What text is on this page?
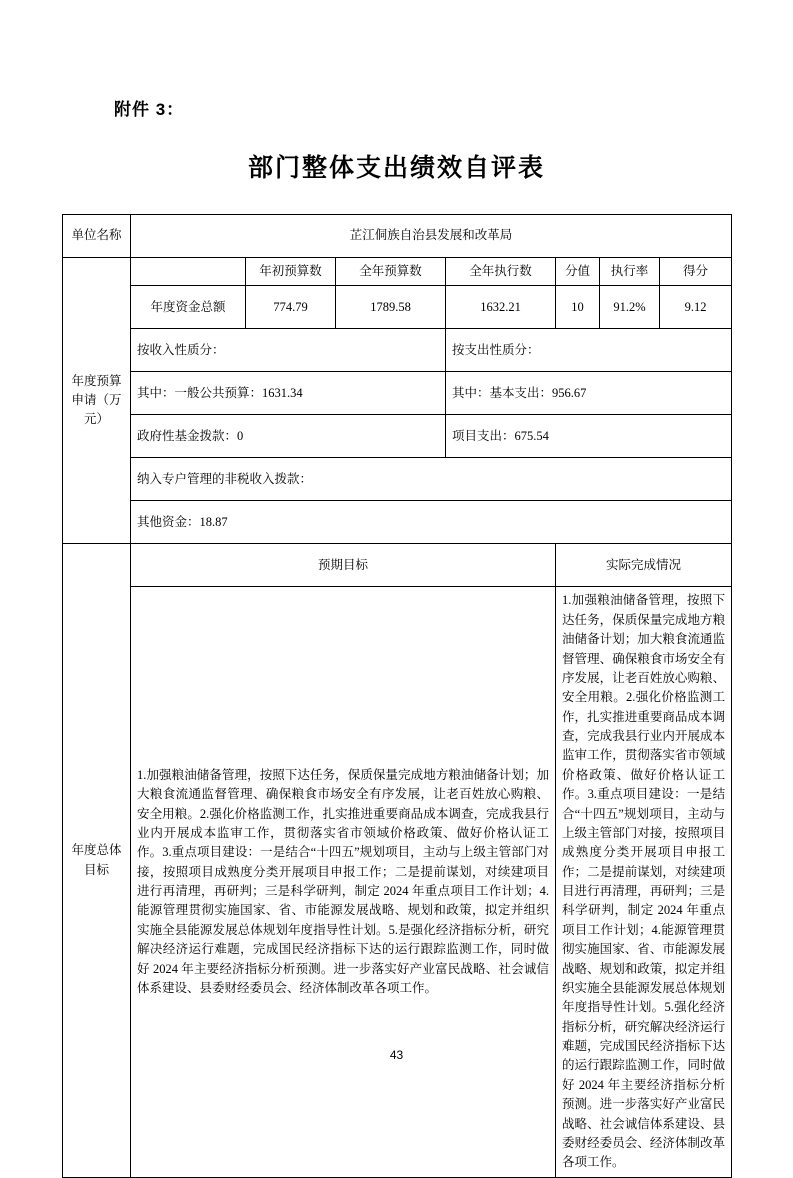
附件 3：
部门整体支出绩效自评表
单位名称	芷江侗族自治县发展和改革局						
年度预算申请（万元）		年初预算数	全年预算数	全年执行数	分值	执行率	得分
	年度资金总额	774.79	1789.58	1632.21	10	91.2%	9.12
	按收入性质分：			按支出性质分：			
	其中：一般公共预算：1631.34			其中：基本支出：956.67			
	政府性基金拨款：0			项目支出：675.54			
	纳入专户管理的非税收入拨款：						
	其他资金：18.87						
年度总体目标	预期目标				实际完成情况		
1.加强粮油储备管理，按照下达任务，保质保量完成地方粮油储备计划；加大粮食流通监督管理、确保粮食市场安全有序发展，让老百姓放心购粮、安全用粮。2.强化价格监测工作，扎实推进重要商品成本调查，完成我县行业内开展成本监审工作，贯彻落实省市领域价格政策、做好价格认证工作。3.重点项目建设：一是结合“十四五”规划项目，主动与上级主管部门对接，按照项目成熟度分类开展项目申报工作；二是提前谋划，对续建项目进行再清理，再研判；三是科学研判，制定 2024 年重点项目工作计划；4.能源管理贯彻实施国家、省、市能源发展战略、规划和政策，拟定并组织实施全县能源发展总体规划年度指导性计划。5.是强化经济指标分析，研究解决经济运行难题，完成国民经济指标下达的运行跟踪监测工作，同时做好 2024 年主要经济指标分析预测。进一步落实好产业富民战略、社会诚信体系建设、县委财经委员会、经济体制改革各项工作。	1.加强粮油储备管理，按照下达任务，保质保量完成地方粮油储备计划；加大粮食流通监督管理、确保粮食市场安全有序发展，让老百姓放心购粮、安全用粮。2.强化价格监测工作，扎实推进重要商品成本调查，完成我县行业内开展成本监审工作，贯彻落实省市领域价格政策、做好价格认证工作。3.重点项目建设：一是结合“十四五”规划项目，主动与上级主管部门对接，按照项目成熟度分类开展项目申报工作；二是提前谋划，对续建项目进行再清理，再研判；三是科学研判，制定 2024 年重点项目工作计划；4.能源管理贯彻实施国家、省、市能源发展战略、规划和政策，拟定并组织实施全县能源发展总体规划年度指导性计划。5.强化经济指标分析，研究解决经济运行难题，完成国民经济指标下达的运行跟踪监测工作，同时做好 2024 年主要经济指标分析预测。进一步落实好产业富民战略、社会诚信体系建设、县委财经委员会、经济体制改革各项工作。
43
